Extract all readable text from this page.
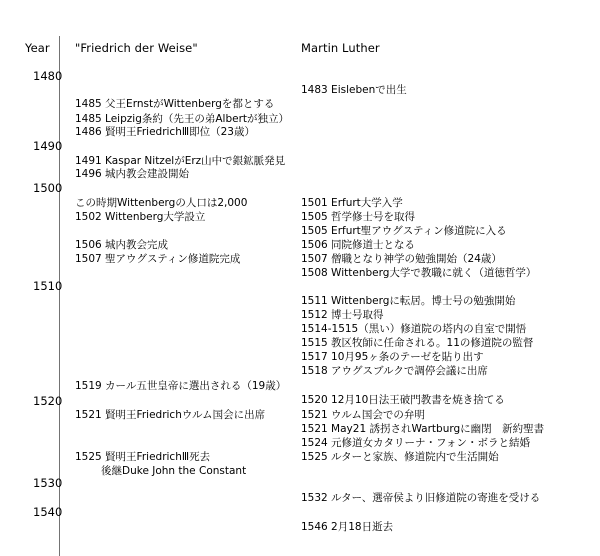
Year "Friedrich der Weise"	Martin Luther
1480
1490
1500
1510
1520
1530
1540
1485 父王ErnstがWittenbergを都とする
1485 Leipzig条約（先王の弟Albertが独立）
1486 賢明王FriedrichⅢ即位（23歳）
1491 Kaspar NitzelがErz山中で銀鉱脈発見
1496 城内教会建設開始
この時期Wittenbergの人口は2,000
1502 Wittenberg大学設立
1506 城内教会完成
1507 聖アウグスティン修道院完成
1519 カール五世皇帝に選出される（19歳）
1521 賢明王Friedrichウルム国会に出席
1525 賢明王FriedrichⅢ死去
後継Duke John the Constant
1483 Eislebenで出生
1501 Erfurt大学入学
1505 哲学修士号を取得
1505 Erfurt聖アウグスティン修道院に入る
1506 同院修道士となる
1507 僧職となり神学の勉強開始（24歳）
1508 Wittenberg大学で教職に就く（道徳哲学）
1511 Wittenbergに転居。博士号の勉強開始
1512 博士号取得
1514-1515（黒い）修道院の塔内の自室で開悟
1515 教区牧師に任命される。11の修道院の監督
1517 10月95ヶ条のテーゼを貼り出す
1518 アウグスブルクで調停会議に出席
1520 12月10日法王破門教書を焼き捨てる
1521 ウルム国会での弁明
1521 May21 誘拐されWartburgに幽閉　新約聖書
1524 元修道女カタリーナ・フォン・ボラと結婚
1525 ルターと家族、修道院内で生活開始
1532 ルター、選帝侯より旧修道院の寄進を受ける
1546 2月18日逝去
